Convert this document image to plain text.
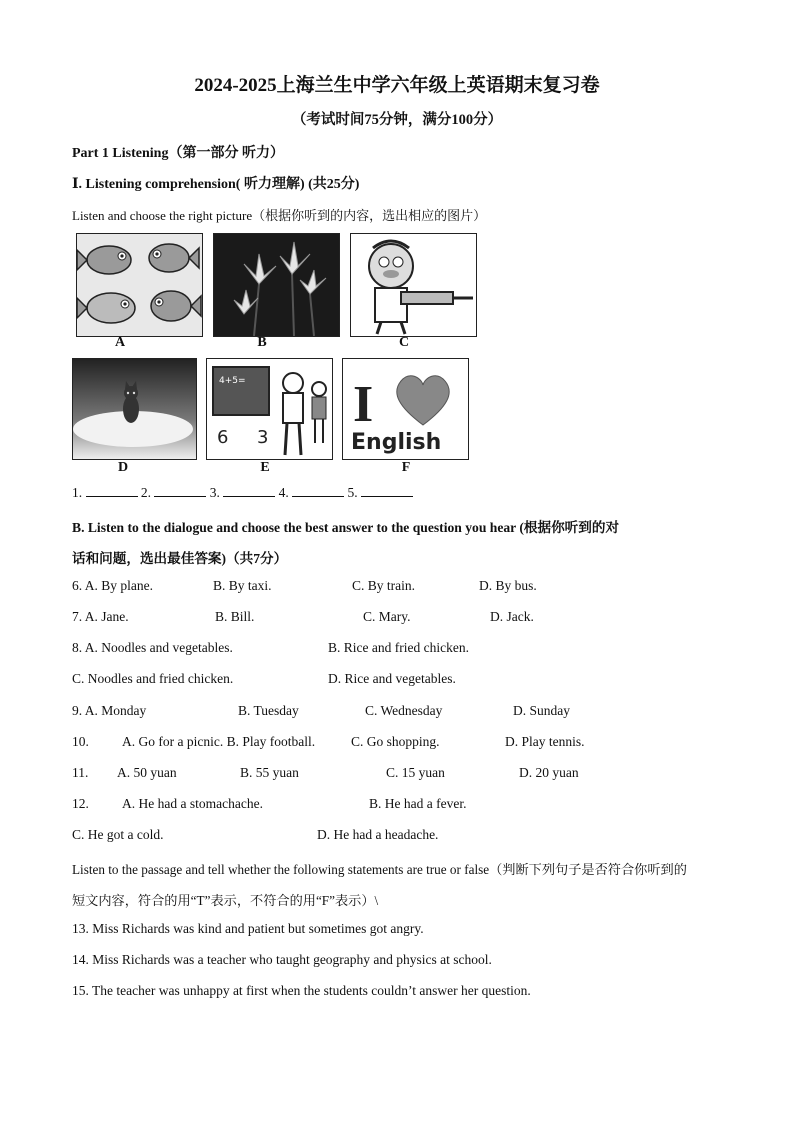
2024-2025上海兰生中学六年级上英语期末复习卷
（考试时间75分钟，满分100分）
Part 1 Listening（第一部分 听力）
Ⅰ. Listening comprehension( 听力理解) (共25分)
Listen and choose the right picture（根据你听到的内容，选出相应的图片）
A	B	C
D
4+5=
6 3
E
I
English
F
1.	2.	3.	4.	5.
B. Listen to the dialogue and choose the best answer to the question you hear (根据你听到的对
话和问题，选出最佳答案)（共7分）
6. A. By plane.	B. By taxi.	C. By train.	D. By bus.
7. A. Jane.	B. Bill.	C. Mary.	D. Jack.
8. A. Noodles and vegetables.	B. Rice and fried chicken.
C. Noodles and fried chicken.	D. Rice and vegetables.
9. A. Monday	B. Tuesday	C. Wednesday	D. Sunday
10. A. Go for a picnic. B. Play football.	C. Go shopping.	D. Play tennis.
11. A. 50 yuan	B. 55 yuan	C. 15 yuan	D. 20 yuan
12. A. He had a stomachache.	B. He had a fever.
C. He got a cold.	D. He had a headache.
Listen to the passage and tell whether the following statements are true or false（判断下列句子是否符合你听到的
短文内容，符合的用“T”表示，不符合的用“F”表示）\
13. Miss Richards was kind and patient but sometimes got angry.
14. Miss Richards was a teacher who taught geography and physics at school.
15. The teacher was unhappy at first when the students couldn’t answer her question.
